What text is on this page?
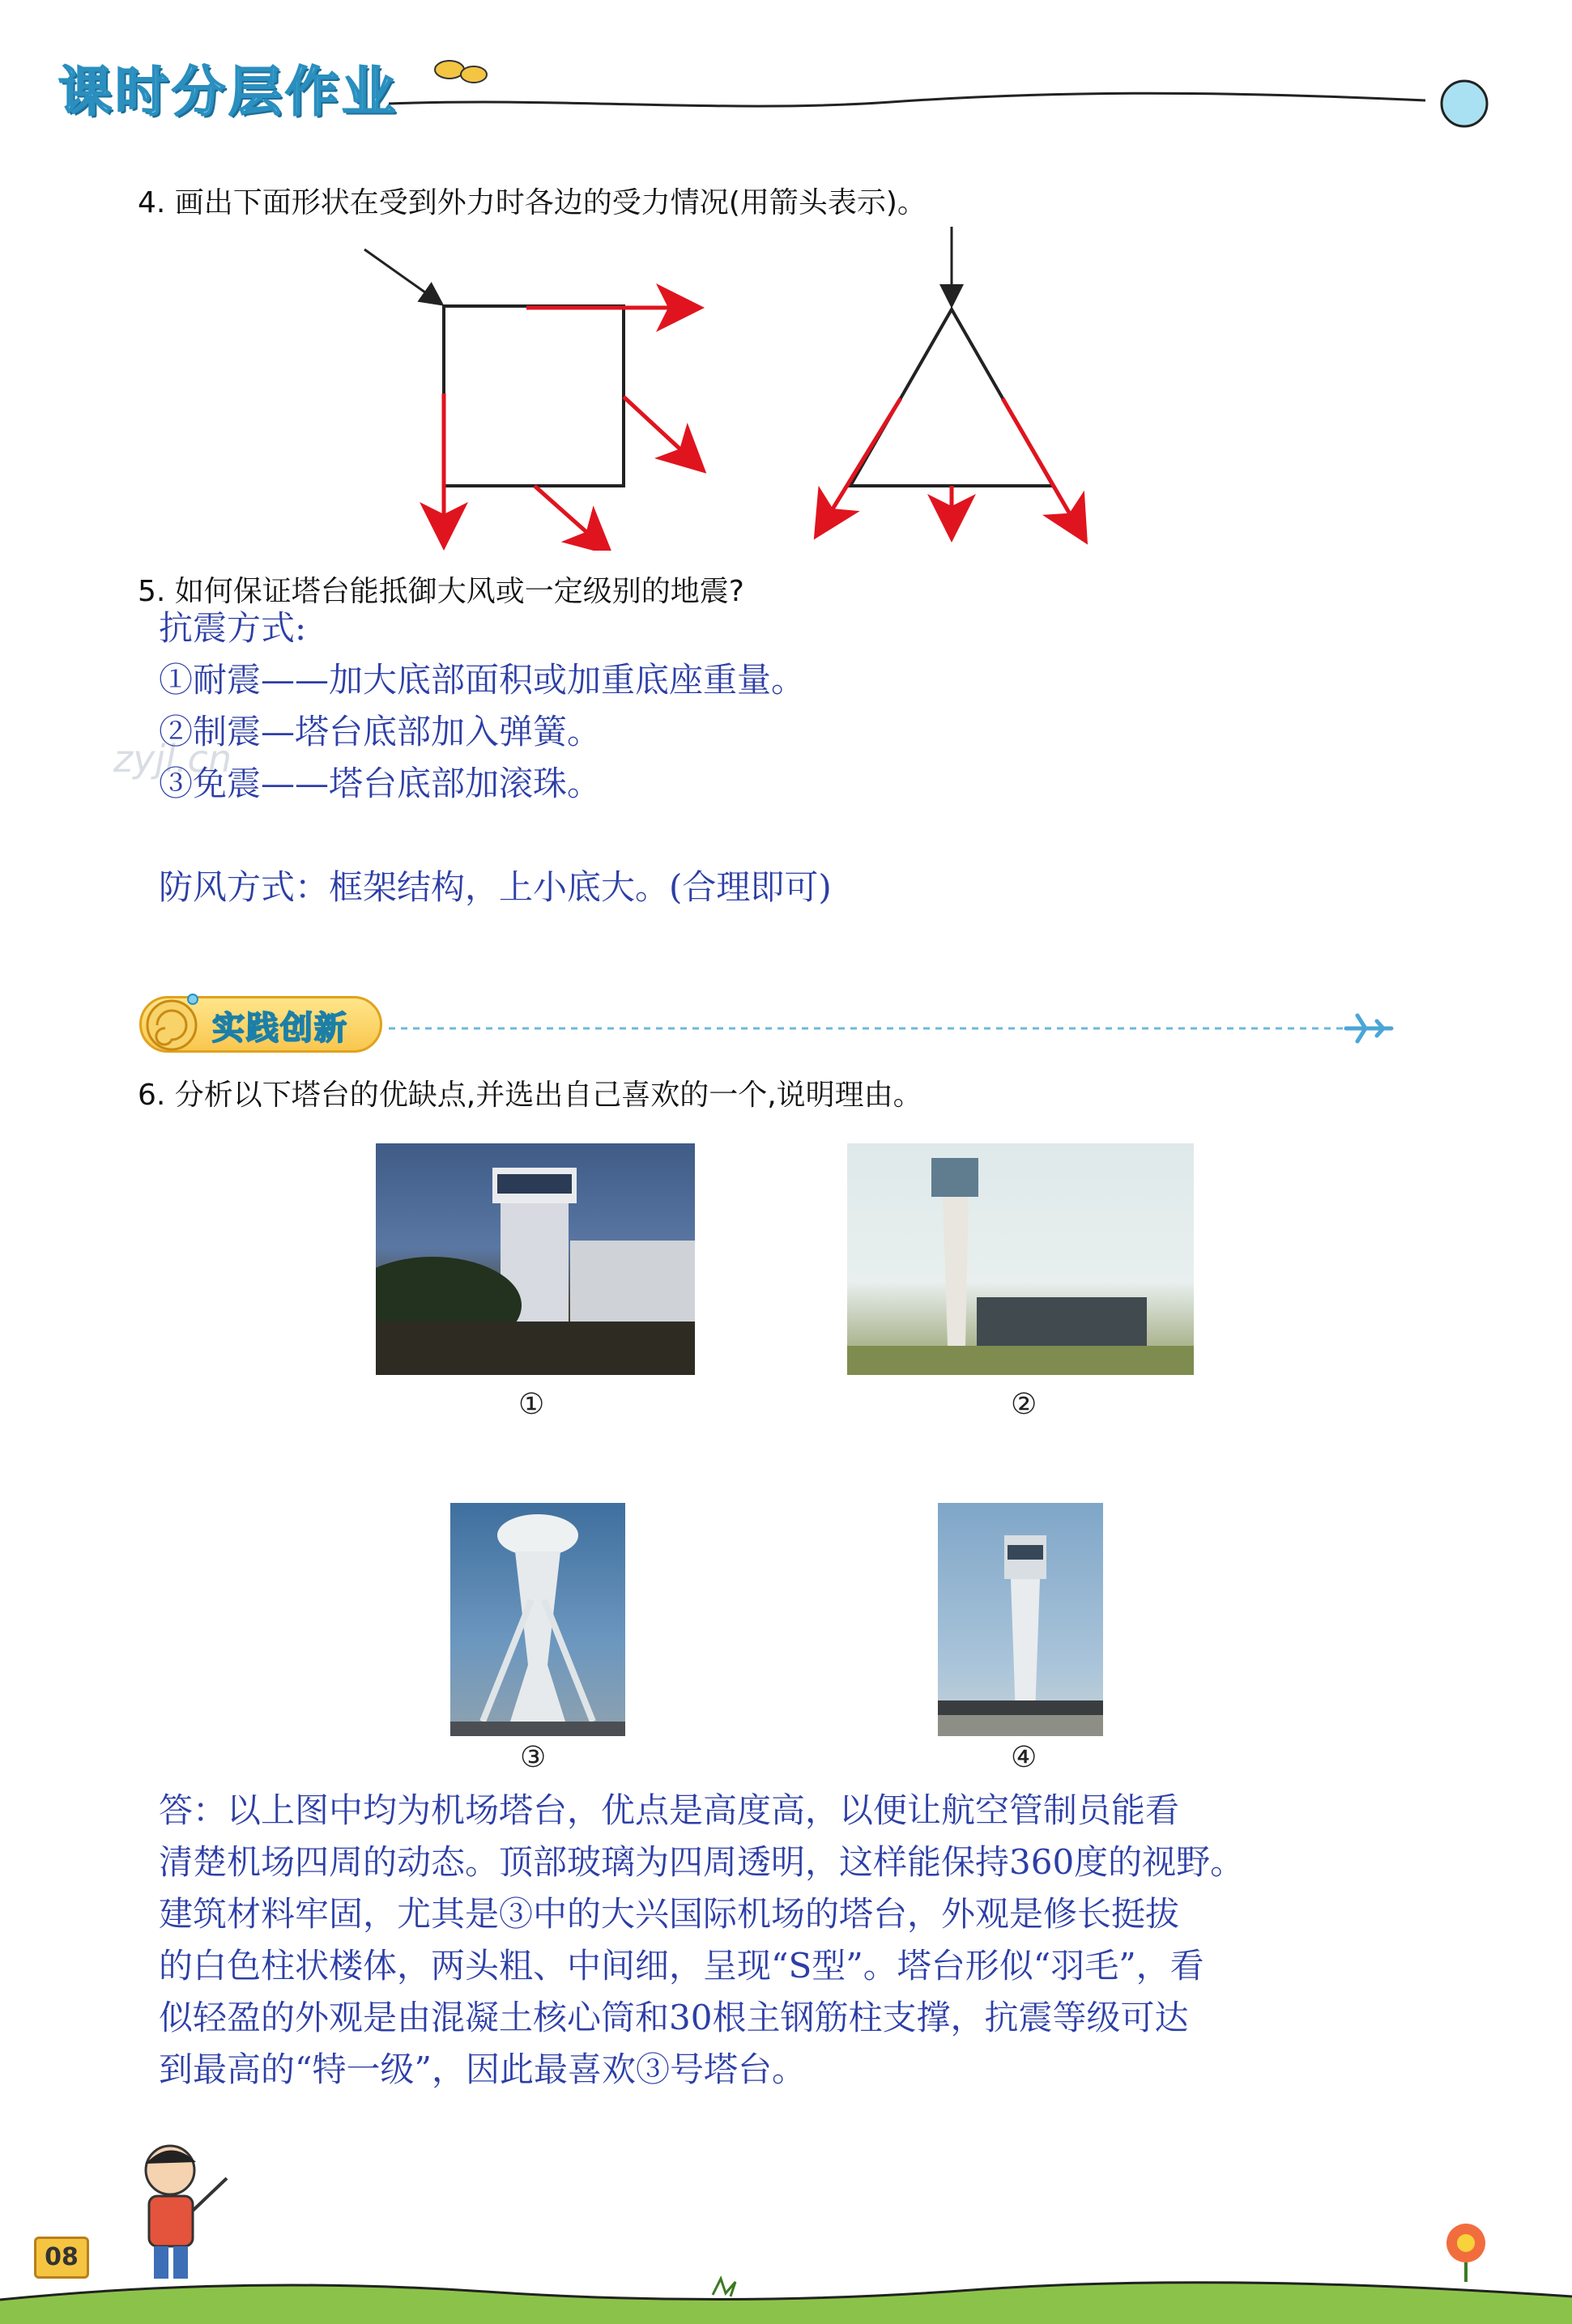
课时分层作业
4. 画出下面形状在受到外力时各边的受力情况(用箭头表示)。
5. 如何保证塔台能抵御大风或一定级别的地震?
zyjl.cn
抗震方式:
①耐震——加大底部面积或加重底座重量。
②制震—塔台底部加入弹簧。
③免震——塔台底部加滚珠。
防风方式：框架结构，上小底大。(合理即可)
实践创新
6. 分析以下塔台的优缺点,并选出自己喜欢的一个,说明理由。
①	②
③	④
答：以上图中均为机场塔台，优点是高度高，以便让航空管制员能看
清楚机场四周的动态。顶部玻璃为四周透明，这样能保持360度的视野。
建筑材料牢固，尤其是③中的大兴国际机场的塔台，外观是修长挺拔
的白色柱状楼体，两头粗、中间细，呈现“S型”。塔台形似“羽毛”，看
似轻盈的外观是由混凝土核心筒和30根主钢筋柱支撑，抗震等级可达
到最高的“特一级”，因此最喜欢③号塔台。
08
